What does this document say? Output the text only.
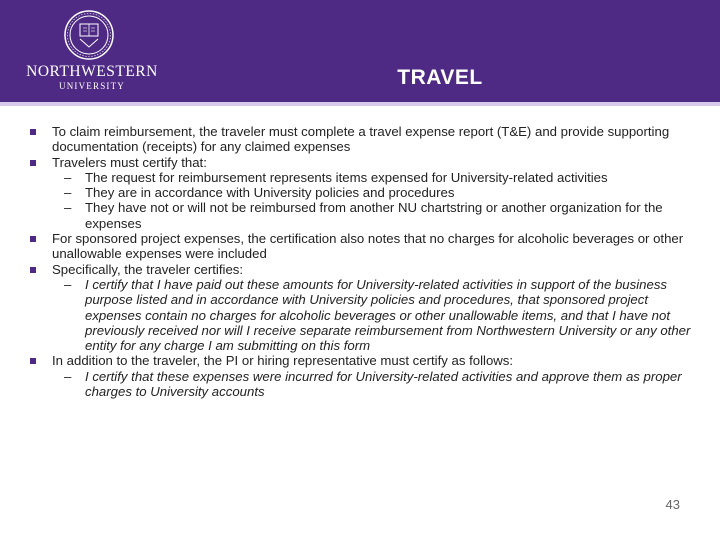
NORTHWESTERN
UNIVERSITY	TRAVEL
To claim reimbursement, the traveler must complete a travel expense report (T&E) and provide supporting documentation (receipts) for any claimed expenses
Travelers must certify that:
– The request for reimbursement represents items expensed for University-related activities
– They are in accordance with University policies and procedures
– They have not or will not be reimbursed from another NU chartstring or another organization for the expenses
For sponsored project expenses, the certification also notes that no charges for alcoholic beverages or other unallowable expenses were included
Specifically, the traveler certifies:
– I certify that I have paid out these amounts for University-related activities in support of the business purpose listed and in accordance with University policies and procedures, that sponsored project expenses contain no charges for alcoholic beverages or other unallowable items, and that I have not previously received nor will I receive separate reimbursement from Northwestern University or any other entity for any charge I am submitting on this form
In addition to the traveler, the PI or hiring representative must certify as follows:
– I certify that these expenses were incurred for University-related activities and approve them as proper charges to University accounts
43
